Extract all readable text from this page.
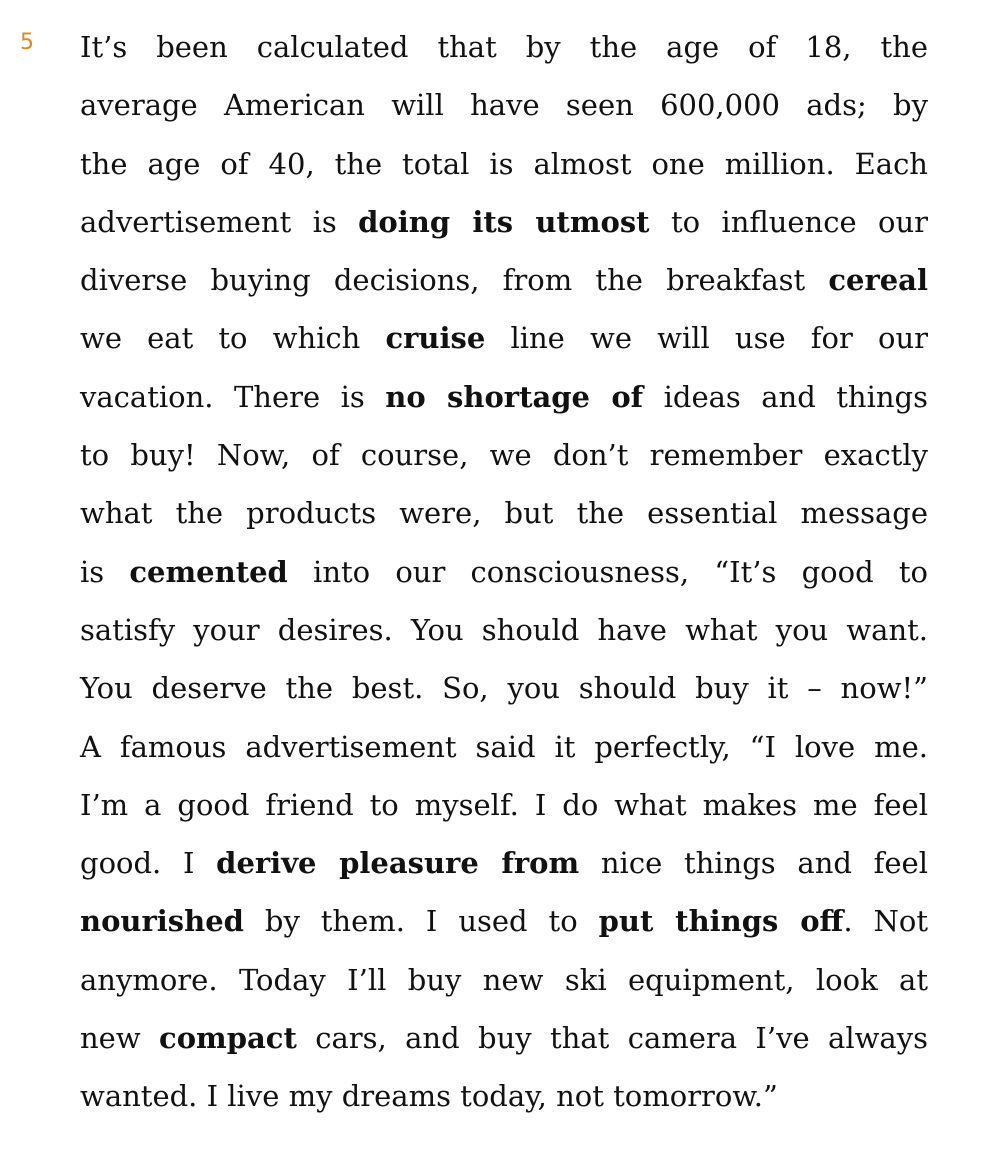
5 It’s been calculated that by the age of 18, the
average American will have seen 600,000 ads; by
the age of 40, the total is almost one million. Each
advertisement is doing its utmost to influence our
diverse buying decisions, from the breakfast cereal
we eat to which cruise line we will use for our
vacation. There is no shortage of ideas and things
to buy! Now, of course, we don’t remember exactly
what the products were, but the essential message
is cemented into our consciousness, “It’s good to
satisfy your desires. You should have what you want.
You deserve the best. So, you should buy it – now!”
A famous advertisement said it perfectly, “I love me.
I’m a good friend to myself. I do what makes me feel
good. I derive pleasure from nice things and feel
nourished by them. I used to put things off. Not
anymore. Today I’ll buy new ski equipment, look at
new compact cars, and buy that camera I’ve always
wanted. I live my dreams today, not tomorrow.”
